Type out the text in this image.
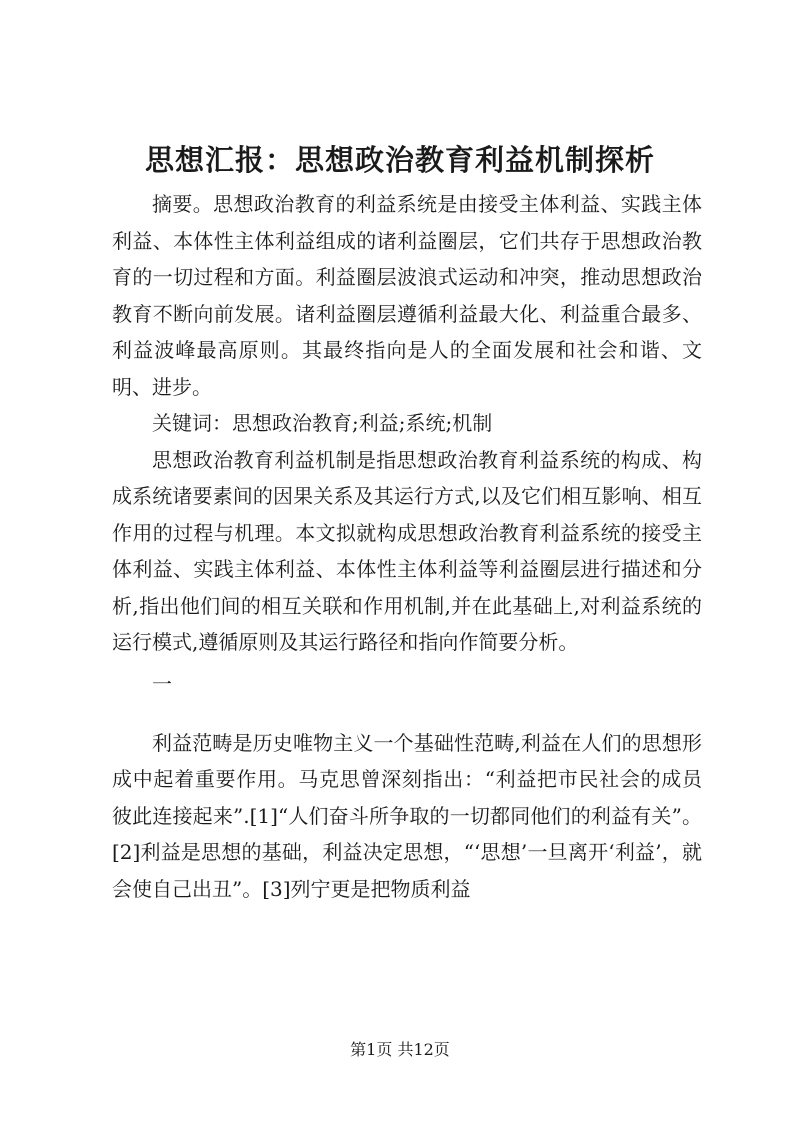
思想汇报：思想政治教育利益机制探析

摘要。思想政治教育的利益系统是由接受主体利益、实践主体利益、本体性主体利益组成的诸利益圈层，它们共存于思想政治教育的一切过程和方面。利益圈层波浪式运动和冲突，推动思想政治教育不断向前发展。诸利益圈层遵循利益最大化、利益重合最多、利益波峰最高原则。其最终指向是人的全面发展和社会和谐、文明、进步。

关键词：思想政治教育;利益;系统;机制

思想政治教育利益机制是指思想政治教育利益系统的构成、构成系统诸要素间的因果关系及其运行方式,以及它们相互影响、相互作用的过程与机理。本文拟就构成思想政治教育利益系统的接受主体利益、实践主体利益、本体性主体利益等利益圈层进行描述和分析,指出他们间的相互关联和作用机制,并在此基础上,对利益系统的运行模式,遵循原则及其运行路径和指向作简要分析。

一

利益范畴是历史唯物主义一个基础性范畴,利益在人们的思想形成中起着重要作用。马克思曾深刻指出：“利益把市民社会的成员彼此连接起来”.[1]“人们奋斗所争取的一切都同他们的利益有关”。[2]利益是思想的基础，利益决定思想，“‘思想’一旦离开‘利益’，就会使自己出丑”。[3]列宁更是把物质利益

第1页 共12页
